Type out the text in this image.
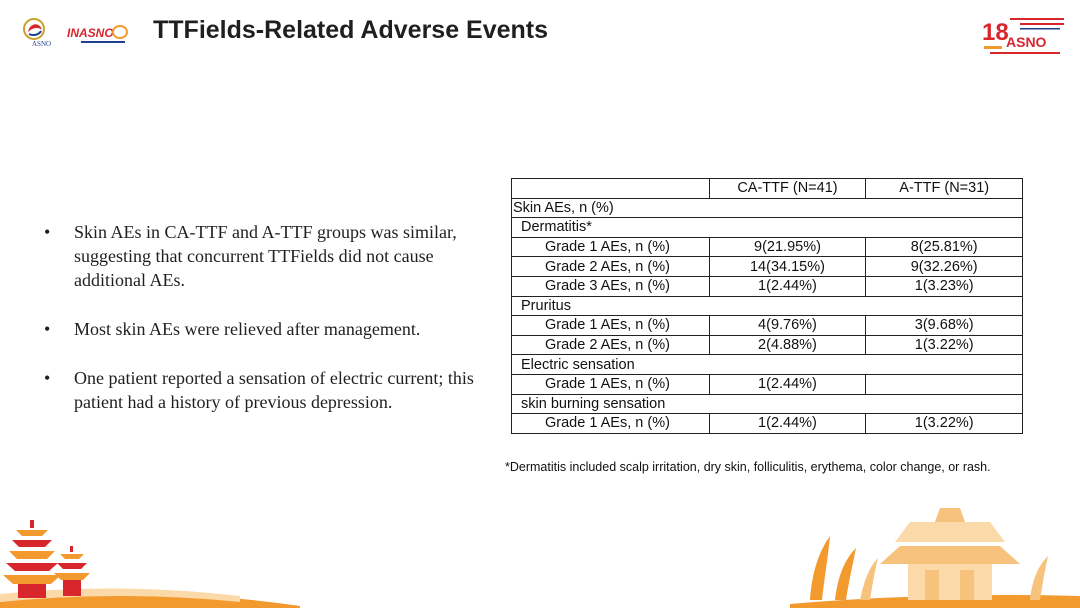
ASNO
INASNO TTFields-Related Adverse Events	18
ASNO
• Skin AEs in CA-TTF and A-TTF groups was similar, suggesting that concurrent TTFields did not cause additional AEs.
• Most skin AEs were relieved after management.
• One patient reported a sensation of electric current; this patient had a history of previous depression.
	CA-TTF (N=41)	A-TTF (N=31)
Skin AEs, n (%)		
Dermatitis*		
Grade 1 AEs, n (%)	9(21.95%)	8(25.81%)
Grade 2 AEs, n (%)	14(34.15%)	9(32.26%)
Grade 3 AEs, n (%)	1(2.44%)	1(3.23%)
Pruritus		
Grade 1 AEs, n (%)	4(9.76%)	3(9.68%)
Grade 2 AEs, n (%)	2(4.88%)	1(3.22%)
Electric sensation		
Grade 1 AEs, n (%)	1(2.44%)	
skin burning sensation		
Grade 1 AEs, n (%)	1(2.44%)	1(3.22%)
*Dermatitis included scalp irritation, dry skin, folliculitis, erythema, color change, or rash.
